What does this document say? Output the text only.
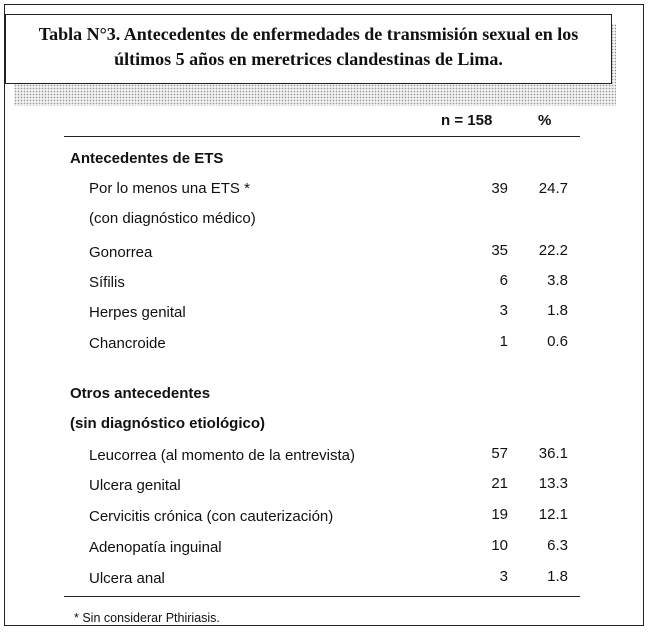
Tabla N°3. Antecedentes de enfermedades de transmisión sexual en los
últimos 5 años en meretrices clandestinas de Lima.
n = 158	%
Antecedentes de ETS
Por lo menos una ETS *	39	24.7
(con diagnóstico médico)
Gonorrea	35	22.2
Sífilis	6	3.8
Herpes genital	3	1.8
Chancroide	1	0.6
Otros antecedentes
(sin diagnóstico etiológico)
Leucorrea (al momento de la entrevista)	57	36.1
Ulcera genital	21	13.3
Cervicitis crónica (con cauterización)	19	12.1
Adenopatía inguinal	10	6.3
Ulcera anal	3	1.8
* Sin considerar Pthiriasis.
